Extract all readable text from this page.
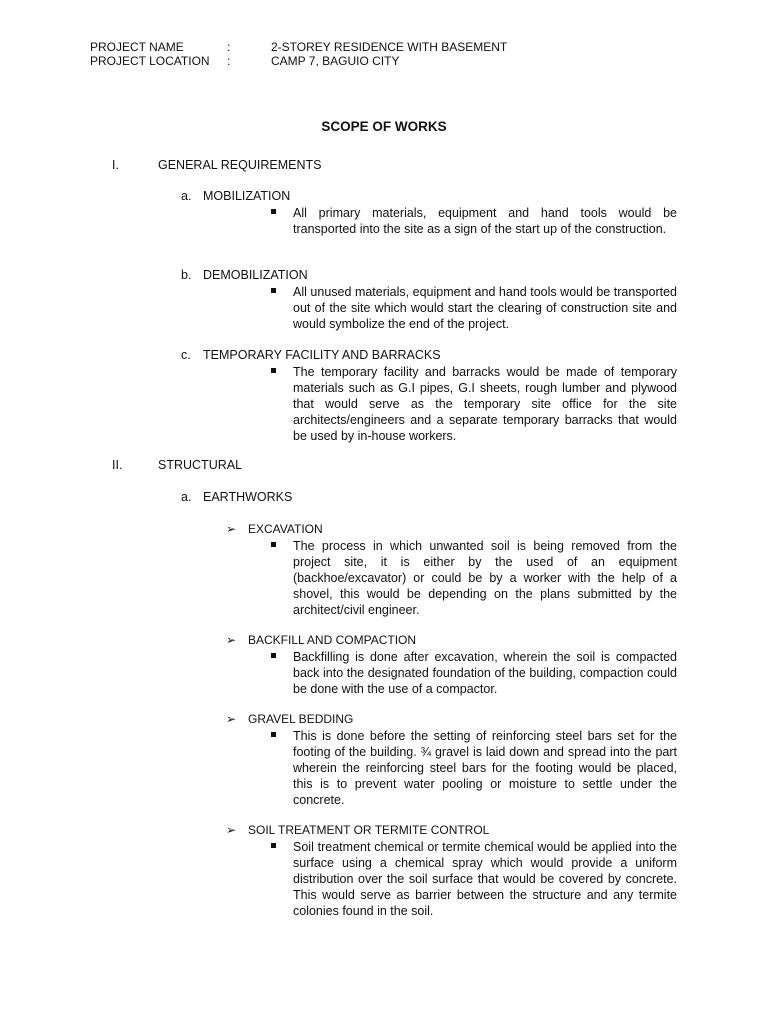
PROJECT NAME	:	2-STOREY RESIDENCE WITH BASEMENT
PROJECT LOCATION :	CAMP 7, BAGUIO CITY
SCOPE OF WORKS
I.	GENERAL REQUIREMENTS
a. MOBILIZATION
All primary materials, equipment and hand tools would be transported into the site as a sign of the start up of the construction.
b. DEMOBILIZATION
All unused materials, equipment and hand tools would be transported out of the site which would start the clearing of construction site and would symbolize the end of the project.
c. TEMPORARY FACILITY AND BARRACKS
The temporary facility and barracks would be made of temporary materials such as G.I pipes, G.I sheets, rough lumber and plywood that would serve as the temporary site office for the site architects/engineers and a separate temporary barracks that would be used by in-house workers.
II.	STRUCTURAL
a. EARTHWORKS
➢ EXCAVATION
The process in which unwanted soil is being removed from the project site, it is either by the used of an equipment (backhoe/excavator) or could be by a worker with the help of a shovel, this would be depending on the plans submitted by the architect/civil engineer.
➢ BACKFILL AND COMPACTION
Backfilling is done after excavation, wherein the soil is compacted back into the designated foundation of the building, compaction could be done with the use of a compactor.
➢ GRAVEL BEDDING
This is done before the setting of reinforcing steel bars set for the footing of the building. ¾ gravel is laid down and spread into the part wherein the reinforcing steel bars for the footing would be placed, this is to prevent water pooling or moisture to settle under the concrete.
➢ SOIL TREATMENT OR TERMITE CONTROL
Soil treatment chemical or termite chemical would be applied into the surface using a chemical spray which would provide a uniform distribution over the soil surface that would be covered by concrete. This would serve as barrier between the structure and any termite colonies found in the soil.
